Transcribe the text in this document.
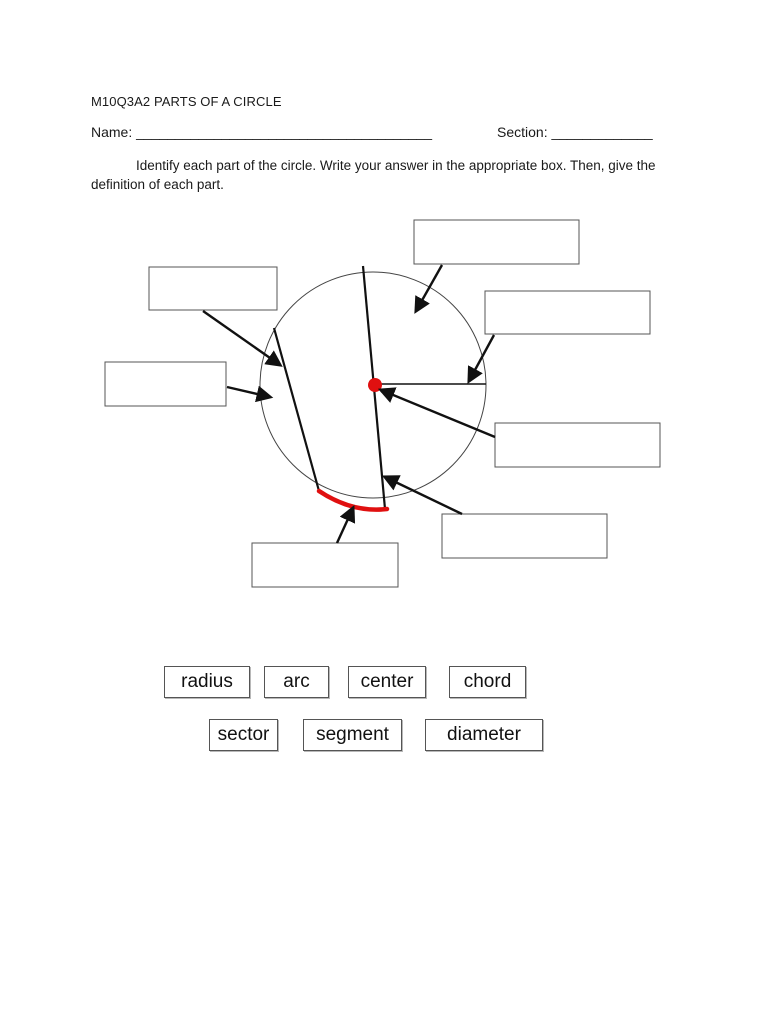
M10Q3A2 PARTS OF A CIRCLE
Name: ______________________________________	Section: _____________
Identify each part of the circle. Write your answer in the appropriate box. Then, give the definition of each part.
radius	arc	center	chord
sector	segment	diameter
